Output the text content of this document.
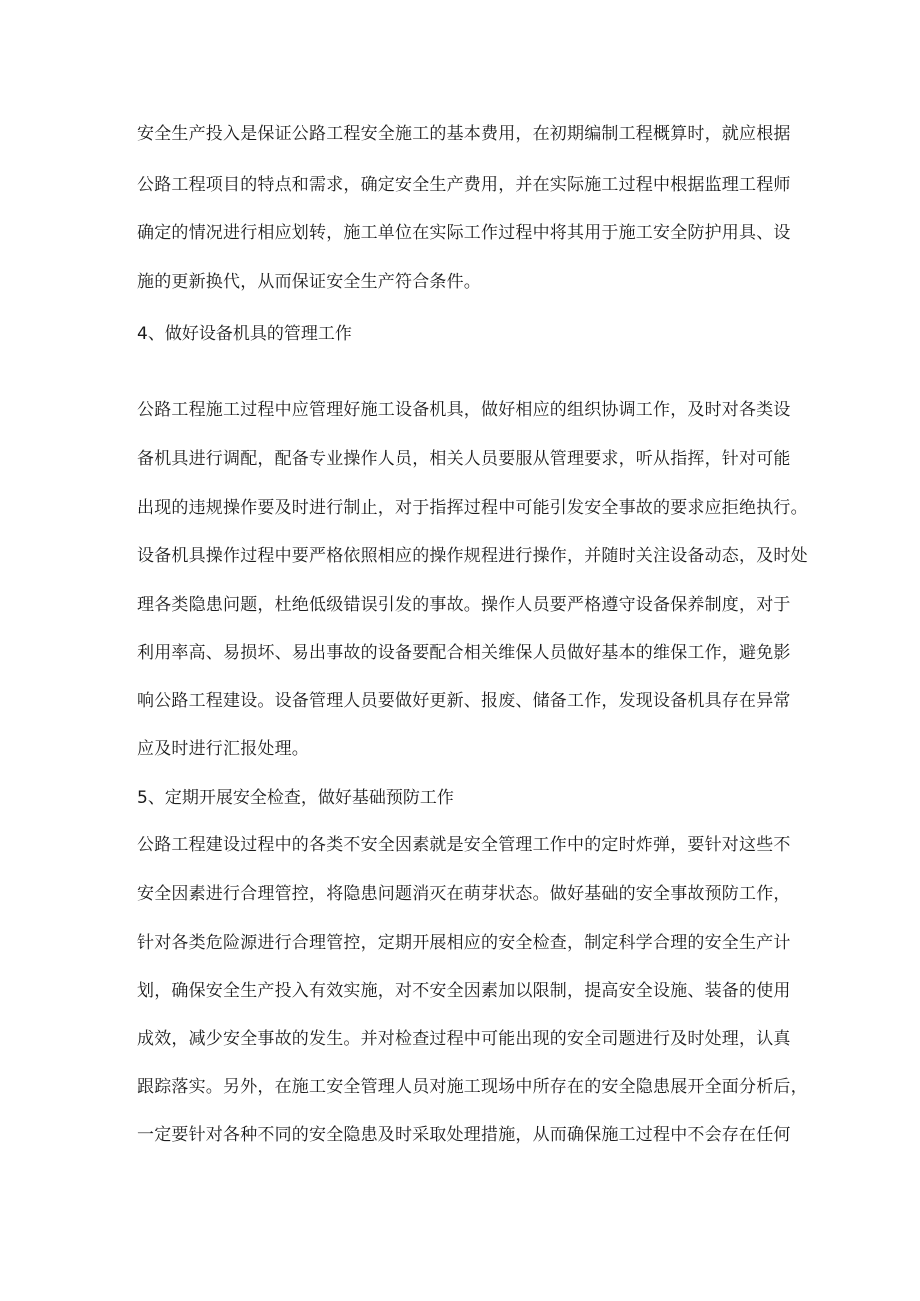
安全生产投入是保证公路工程安全施工的基本费用，在初期编制工程概算时，就应根据
公路工程项目的特点和需求，确定安全生产费用，并在实际施工过程中根据监理工程师
确定的情况进行相应划转，施工单位在实际工作过程中将其用于施工安全防护用具、设
施的更新换代，从而保证安全生产符合条件。
4、做好设备机具的管理工作
公路工程施工过程中应管理好施工设备机具，做好相应的组织协调工作，及时对各类设
备机具进行调配，配备专业操作人员，相关人员要服从管理要求，听从指挥，针对可能
出现的违规操作要及时进行制止，对于指挥过程中可能引发安全事故的要求应拒绝执行。
设备机具操作过程中要严格依照相应的操作规程进行操作，并随时关注设备动态，及时处
理各类隐患问题，杜绝低级错误引发的事故。操作人员要严格遵守设备保养制度，对于
利用率高、易损坏、易出事故的设备要配合相关维保人员做好基本的维保工作，避免影
响公路工程建设。设备管理人员要做好更新、报废、储备工作，发现设备机具存在异常
应及时进行汇报处理。
5、定期开展安全检查，做好基础预防工作
公路工程建设过程中的各类不安全因素就是安全管理工作中的定时炸弹，要针对这些不
安全因素进行合理管控，将隐患问题消灭在萌芽状态。做好基础的安全事故预防工作，
针对各类危险源进行合理管控，定期开展相应的安全检查，制定科学合理的安全生产计
划，确保安全生产投入有效实施，对不安全因素加以限制，提高安全设施、装备的使用
成效，减少安全事故的发生。并对检查过程中可能出现的安全司题进行及时处理，认真
跟踪落实。另外，在施工安全管理人员对施工现场中所存在的安全隐患展开全面分析后，
一定要针对各种不同的安全隐患及时采取处理措施，从而确保施工过程中不会存在任何
